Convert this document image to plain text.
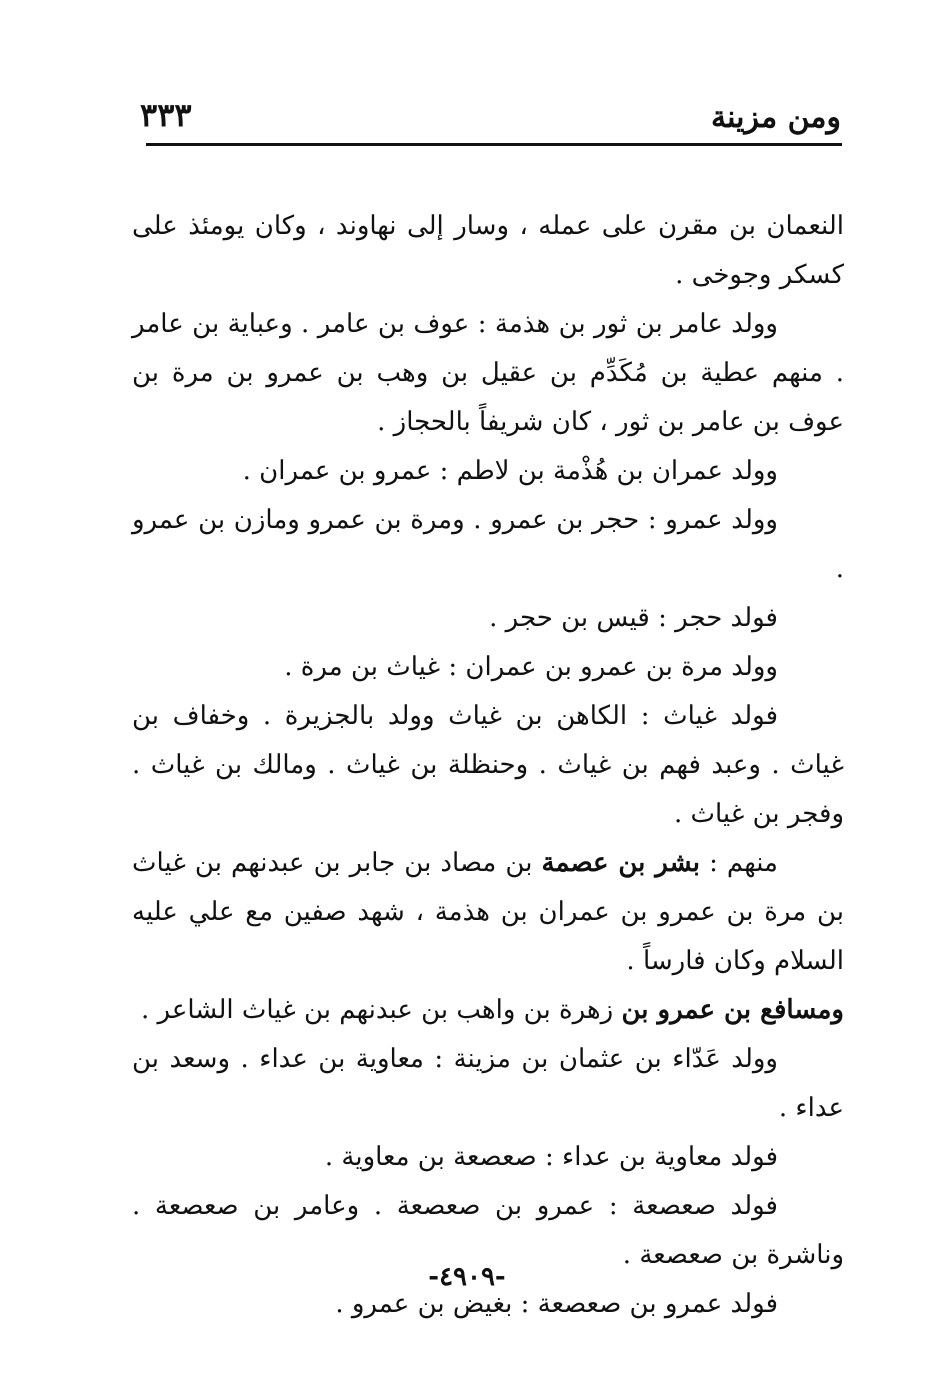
ومن مزينة
٣٣٣

النعمان بن مقرن على عمله ، وسار إلى نهاوند ، وكان يومئذ على كسكر وجوخى .

وولد عامر بن ثور بن هذمة : عوف بن عامر . وعباية بن عامر . منهم عطية بن مُكَدِّم بن عقيل بن وهب بن عمرو بن مرة بن عوف بن عامر بن ثور ، كان شريفاً بالحجاز .

وولد عمران بن هُذْمة بن لاطم : عمرو بن عمران .

وولد عمرو : حجر بن عمرو . ومرة بن عمرو ومازن بن عمرو .

فولد حجر : قيس بن حجر .

وولد مرة بن عمرو بن عمران : غياث بن مرة .

فولد غياث : الكاهن بن غياث وولد بالجزيرة . وخفاف بن غياث . وعبد فهم بن غياث . وحنظلة بن غياث . ومالك بن غياث . وفجر بن غياث .

منهم : بشر بن عصمة بن مصاد بن جابر بن عبدنهم بن غياث بن مرة بن عمرو بن عمران بن هذمة ، شهد صفين مع علي عليه السلام وكان فارساً .

ومسافع بن عمرو بن زهرة بن واهب بن عبدنهم بن غياث الشاعر .

وولد عَدّاء بن عثمان بن مزينة : معاوية بن عداء . وسعد بن عداء .

فولد معاوية بن عداء : صعصعة بن معاوية .

فولد صعصعة : عمرو بن صعصعة . وعامر بن صعصعة . وناشرة بن صعصعة .

فولد عمرو بن صعصعة : بغيض بن عمرو .

-٤٩٠٩-
